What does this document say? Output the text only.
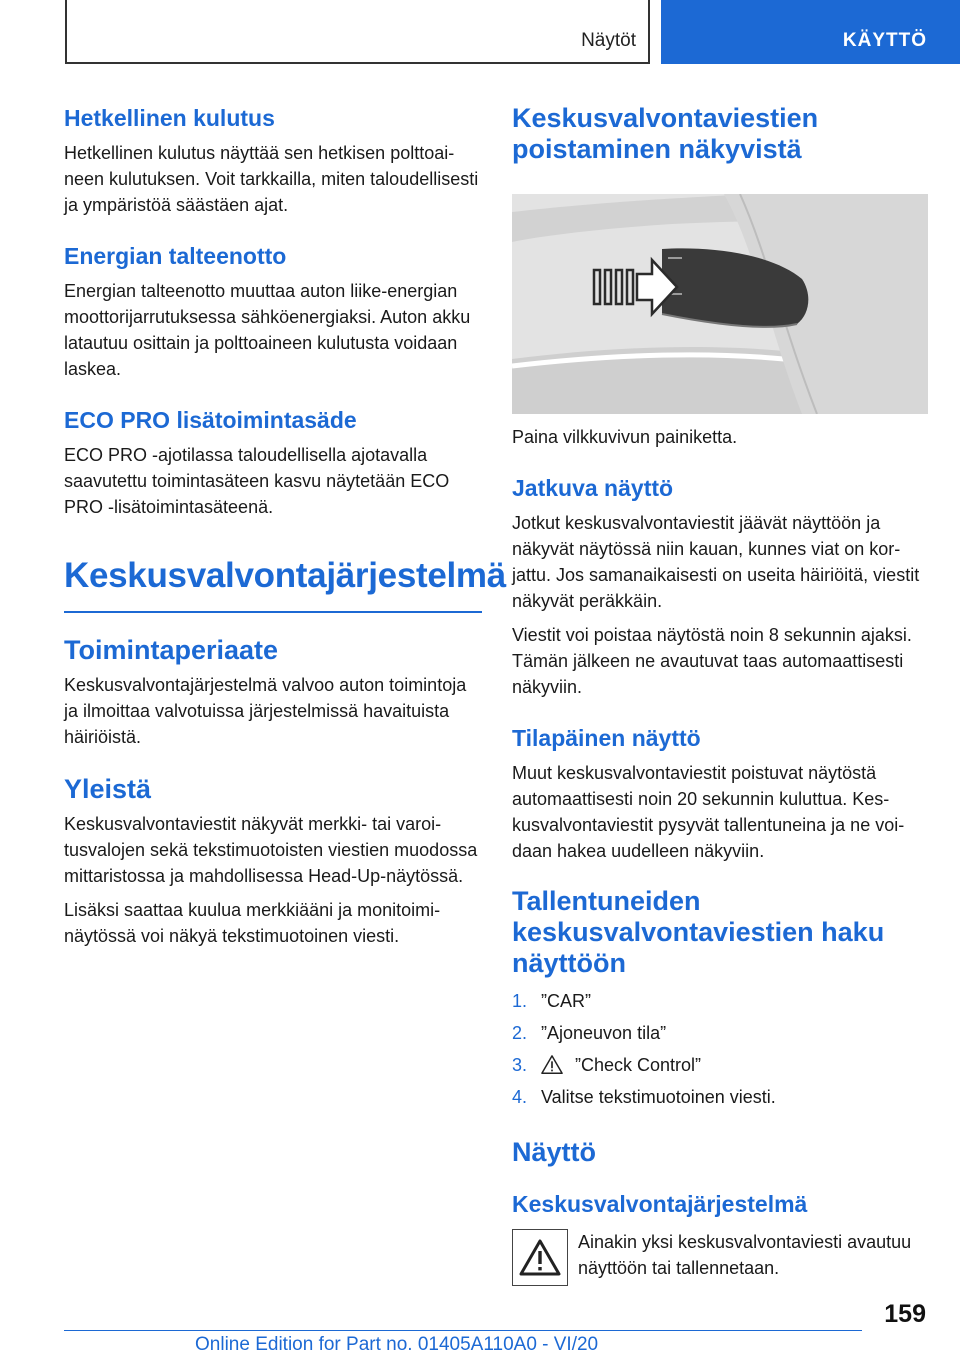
Näytöt	KÄYTTÖ
Hetkellinen kulutus

Hetkellinen kulutus näyttää sen hetkisen polttoaineen kulutuksen. Voit tarkkailla, miten taloudellisesti ja ympäristöä säästäen ajat.

Energian talteenotto

Energian talteenotto muuttaa auton liike-energian moottorijarrutuksessa sähköenergiaksi. Auton akku latautuu osittain ja polttoaineen kulutusta voidaan laskea.

ECO PRO lisätoimintasäde

ECO PRO -ajotilassa taloudellisella ajotavalla saavutettu toimintasäteen kasvu näytetään ECO PRO -lisätoimintasäteenä.

Keskusvalvontajärjestelmä
Toimintaperiaate

Keskusvalvontajärjestelmä valvoo auton toimintoja ja ilmoittaa valvotuissa järjestelmissä havaituista häiriöistä.

Yleistä

Keskusvalvontaviestit näkyvät merkki- tai varoitusvalojen sekä tekstimuotoisten viestien muodossa mittaristossa ja mahdollisessa Head-Up-näytössä.

Lisäksi saattaa kuulua merkkiääni ja monitoiminäytössä voi näkyä tekstimuotoinen viesti.

Keskusvalvontaviestien poistaminen näkyvistä

Paina vilkkuvivun painiketta.

Jatkuva näyttö

Jotkut keskusvalvontaviestit jäävät näyttöön ja näkyvät näytössä niin kauan, kunnes viat on korjattu. Jos samanaikaisesti on useita häiriöitä, viestit näkyvät peräkkäin.

Viestit voi poistaa näytöstä noin 8 sekunnin ajaksi. Tämän jälkeen ne avautuvat taas automaattisesti näkyviin.

Tilapäinen näyttö

Muut keskusvalvontaviestit poistuvat näytöstä automaattisesti noin 20 sekunnin kuluttua. Keskusvalvontaviestit pysyvät tallentuneina ja ne voidaan hakea uudelleen näkyviin.

Tallentuneiden keskusvalvontaviestien haku näyttöön
1. ”CAR”
2. ”Ajoneuvon tila”
3.	”Check Control”
4. Valitse tekstimuotoinen viesti.
Näyttö
Keskusvalvontajärjestelmä

Ainakin yksi keskusvalvontaviesti avautuu näyttöön tai tallennetaan.

159
Online Edition for Part no. 01405A110A0 - VI/20
